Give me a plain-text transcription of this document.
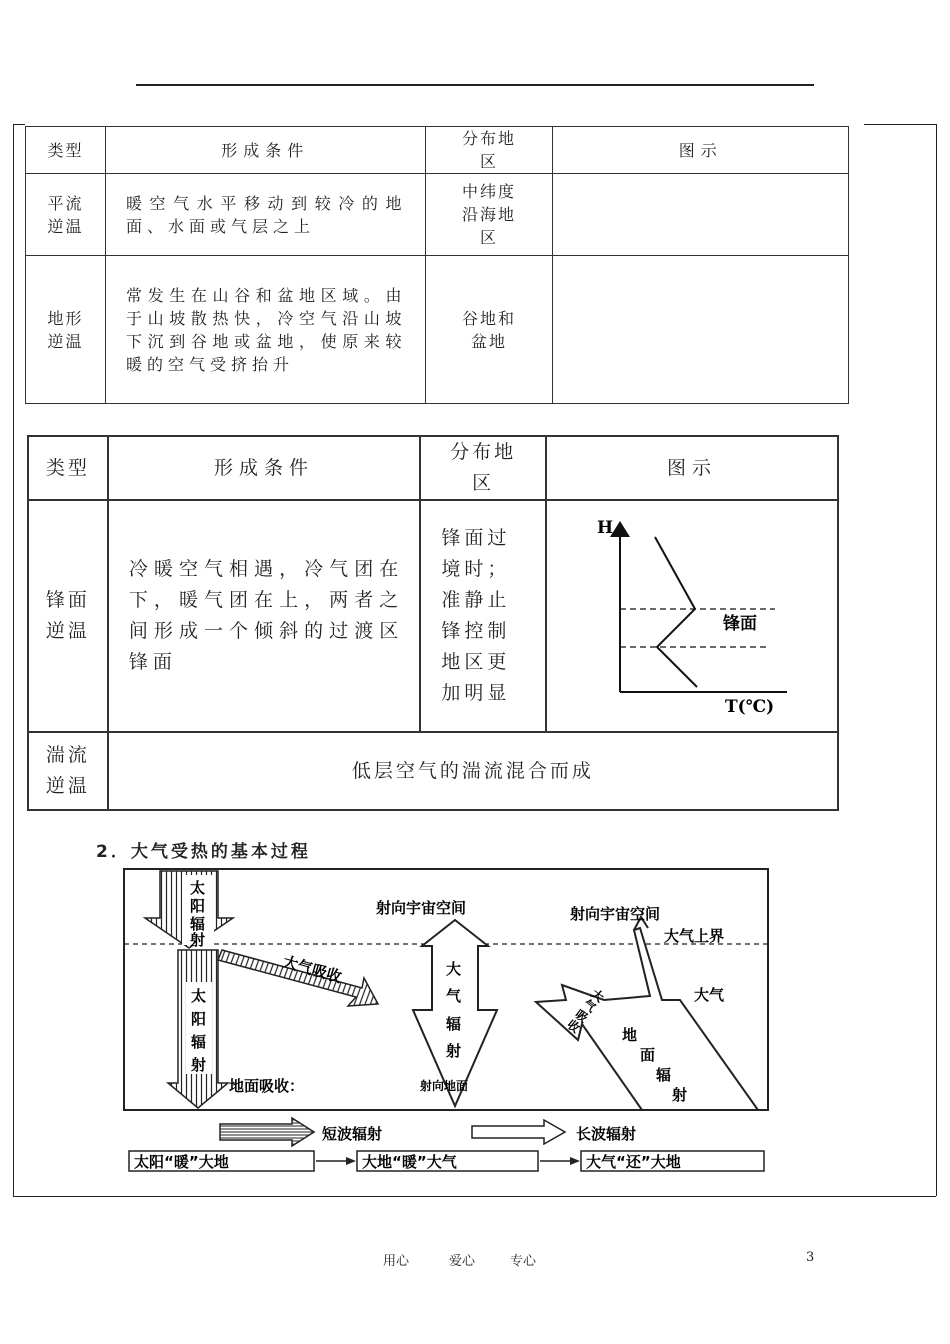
类型	形成条件	分布地区	图示

平流逆温	暖空气水平移动到较冷的地面、水面或气层之上	中纬度沿海地区	

地形逆温	常发生在山谷和盆地区域。由于山坡散热快，冷空气沿山坡下沉到谷地或盆地，使原来较暖的空气受挤抬升	谷地和盆地	

类型	形成条件	分布地区	图示

锋面逆温	冷暖空气相遇，冷气团在下，暖气团在上，两者之间形成一个倾斜的过渡区锋面	锋面过境时；准静止锋控制地区更加明显	H
T(℃)
锋面

湍流逆温	低层空气的湍流混合而成		
2．大气受热的基本过程
太 阳 辐 射
太 阳 辐 射
大气吸收
地面吸收：
射向宇宙空间
大 气 辐 射
射向地面
射向宇宙空间
大气上界
大气
大
气
吸
收	地
面
辐
射
短波辐射	长波辐射
太阳“暖”大地	大地“暖”大气	大气“还”大地
用心	爱心	专心	3
